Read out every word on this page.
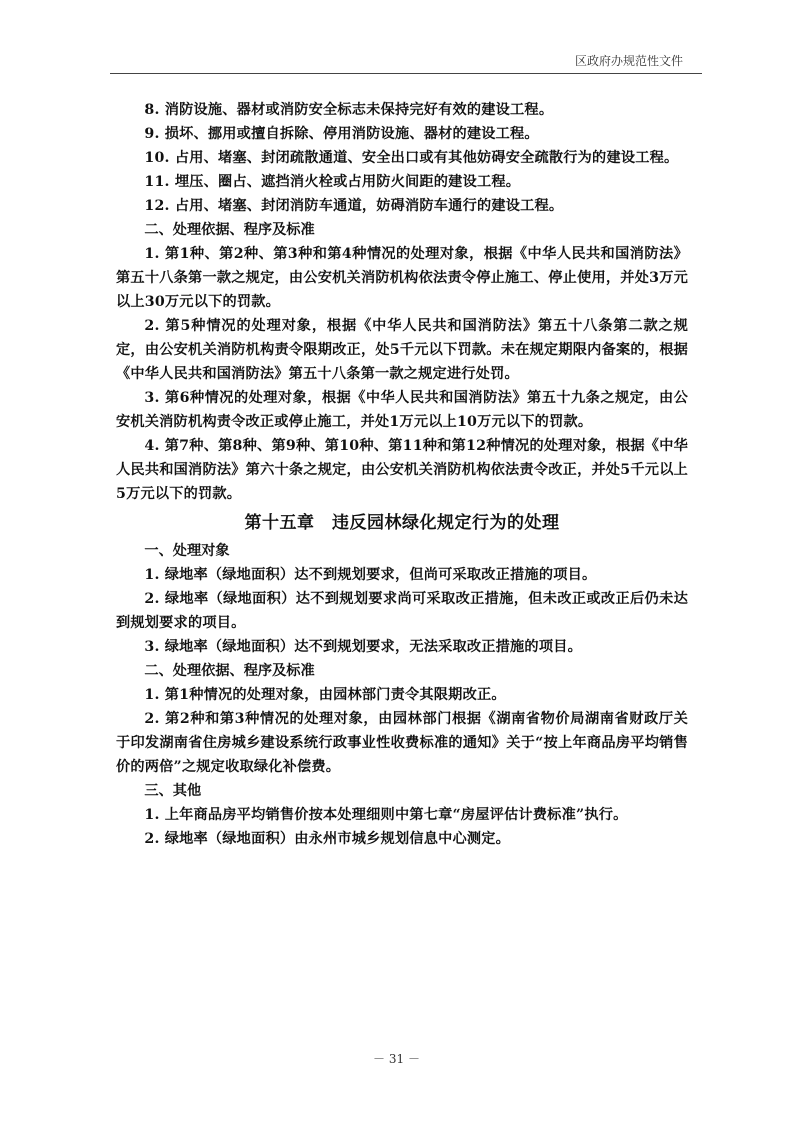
区政府办规范性文件

8. 消防设施、器材或消防安全标志未保持完好有效的建设工程。

9. 损坏、挪用或擅自拆除、停用消防设施、器材的建设工程。

10. 占用、堵塞、封闭疏散通道、安全出口或有其他妨碍安全疏散行为的建设工程。

11. 埋压、圈占、遮挡消火栓或占用防火间距的建设工程。

12. 占用、堵塞、封闭消防车通道，妨碍消防车通行的建设工程。

二、处理依据、程序及标准

1. 第1种、第2种、第3种和第4种情况的处理对象，根据《中华人民共和国消防法》第五十八条第一款之规定，由公安机关消防机构依法责令停止施工、停止使用，并处3万元以上30万元以下的罚款。

2. 第5种情况的处理对象，根据《中华人民共和国消防法》第五十八条第二款之规定，由公安机关消防机构责令限期改正，处5千元以下罚款。未在规定期限内备案的，根据《中华人民共和国消防法》第五十八条第一款之规定进行处罚。

3. 第6种情况的处理对象，根据《中华人民共和国消防法》第五十九条之规定，由公安机关消防机构责令改正或停止施工，并处1万元以上10万元以下的罚款。

4. 第7种、第8种、第9种、第10种、第11种和第12种情况的处理对象，根据《中华人民共和国消防法》第六十条之规定，由公安机关消防机构依法责令改正，并处5千元以上5万元以下的罚款。

第十五章　违反园林绿化规定行为的处理

一、处理对象

1. 绿地率（绿地面积）达不到规划要求，但尚可采取改正措施的项目。

2. 绿地率（绿地面积）达不到规划要求尚可采取改正措施，但未改正或改正后仍未达到规划要求的项目。

3. 绿地率（绿地面积）达不到规划要求，无法采取改正措施的项目。

二、处理依据、程序及标准

1. 第1种情况的处理对象，由园林部门责令其限期改正。

2. 第2种和第3种情况的处理对象，由园林部门根据《湖南省物价局湖南省财政厅关于印发湖南省住房城乡建设系统行政事业性收费标准的通知》关于“按上年商品房平均销售价的两倍”之规定收取绿化补偿费。

三、其他

1. 上年商品房平均销售价按本处理细则中第七章“房屋评估计费标准”执行。

2. 绿地率（绿地面积）由永州市城乡规划信息中心测定。

－ 31 －
